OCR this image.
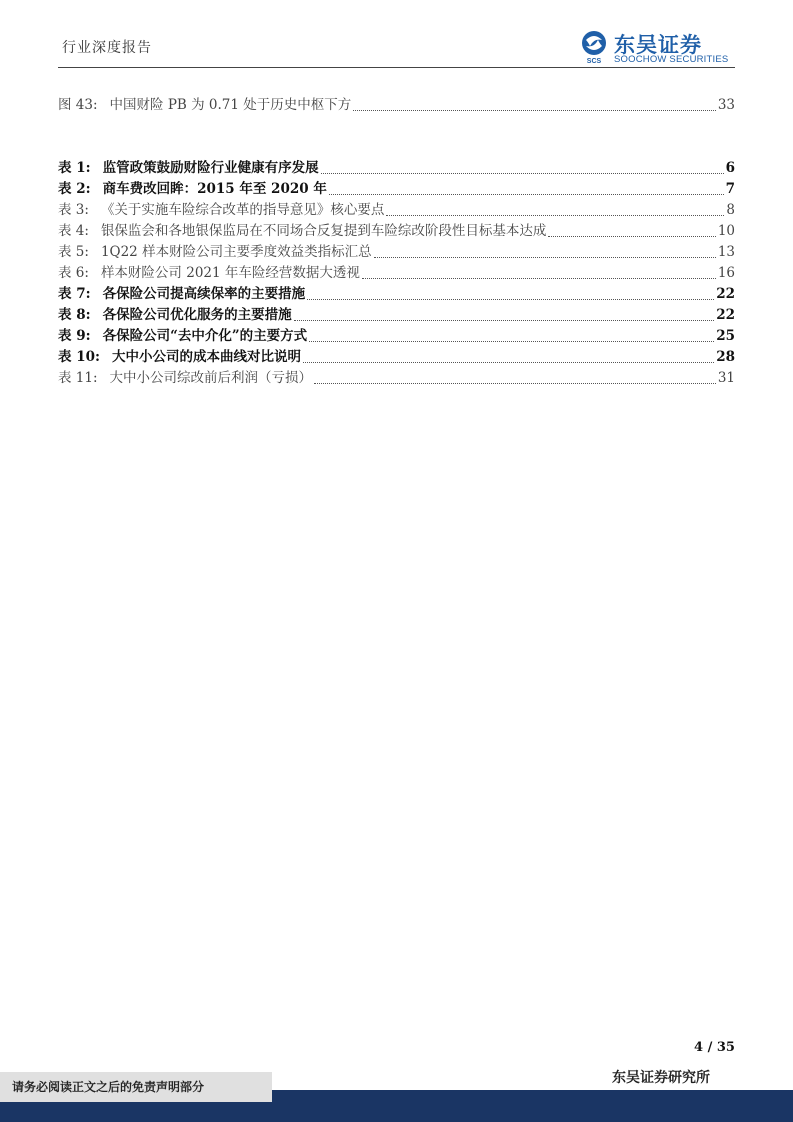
行业深度报告
SCS
东吴证券
SOOCHOW SECURITIES
图 43: 中国财险 PB 为 0.71 处于历史中枢下方	33
表 1: 监管政策鼓励财险行业健康有序发展	6
表 2: 商车费改回眸：2015 年至 2020 年	7
表 3: 《关于实施车险综合改革的指导意见》核心要点	8
表 4: 银保监会和各地银保监局在不同场合反复提到车险综改阶段性目标基本达成	10
表 5: 1Q22 样本财险公司主要季度效益类指标汇总	13
表 6: 样本财险公司 2021 年车险经营数据大透视	16
表 7: 各保险公司提高续保率的主要措施	22
表 8: 各保险公司优化服务的主要措施	22
表 9: 各保险公司“去中介化”的主要方式	25
表 10: 大中小公司的成本曲线对比说明	28
表 11: 大中小公司综改前后利润（亏损）	31
4 / 35
请务必阅读正文之后的免责声明部分
东吴证券研究所
